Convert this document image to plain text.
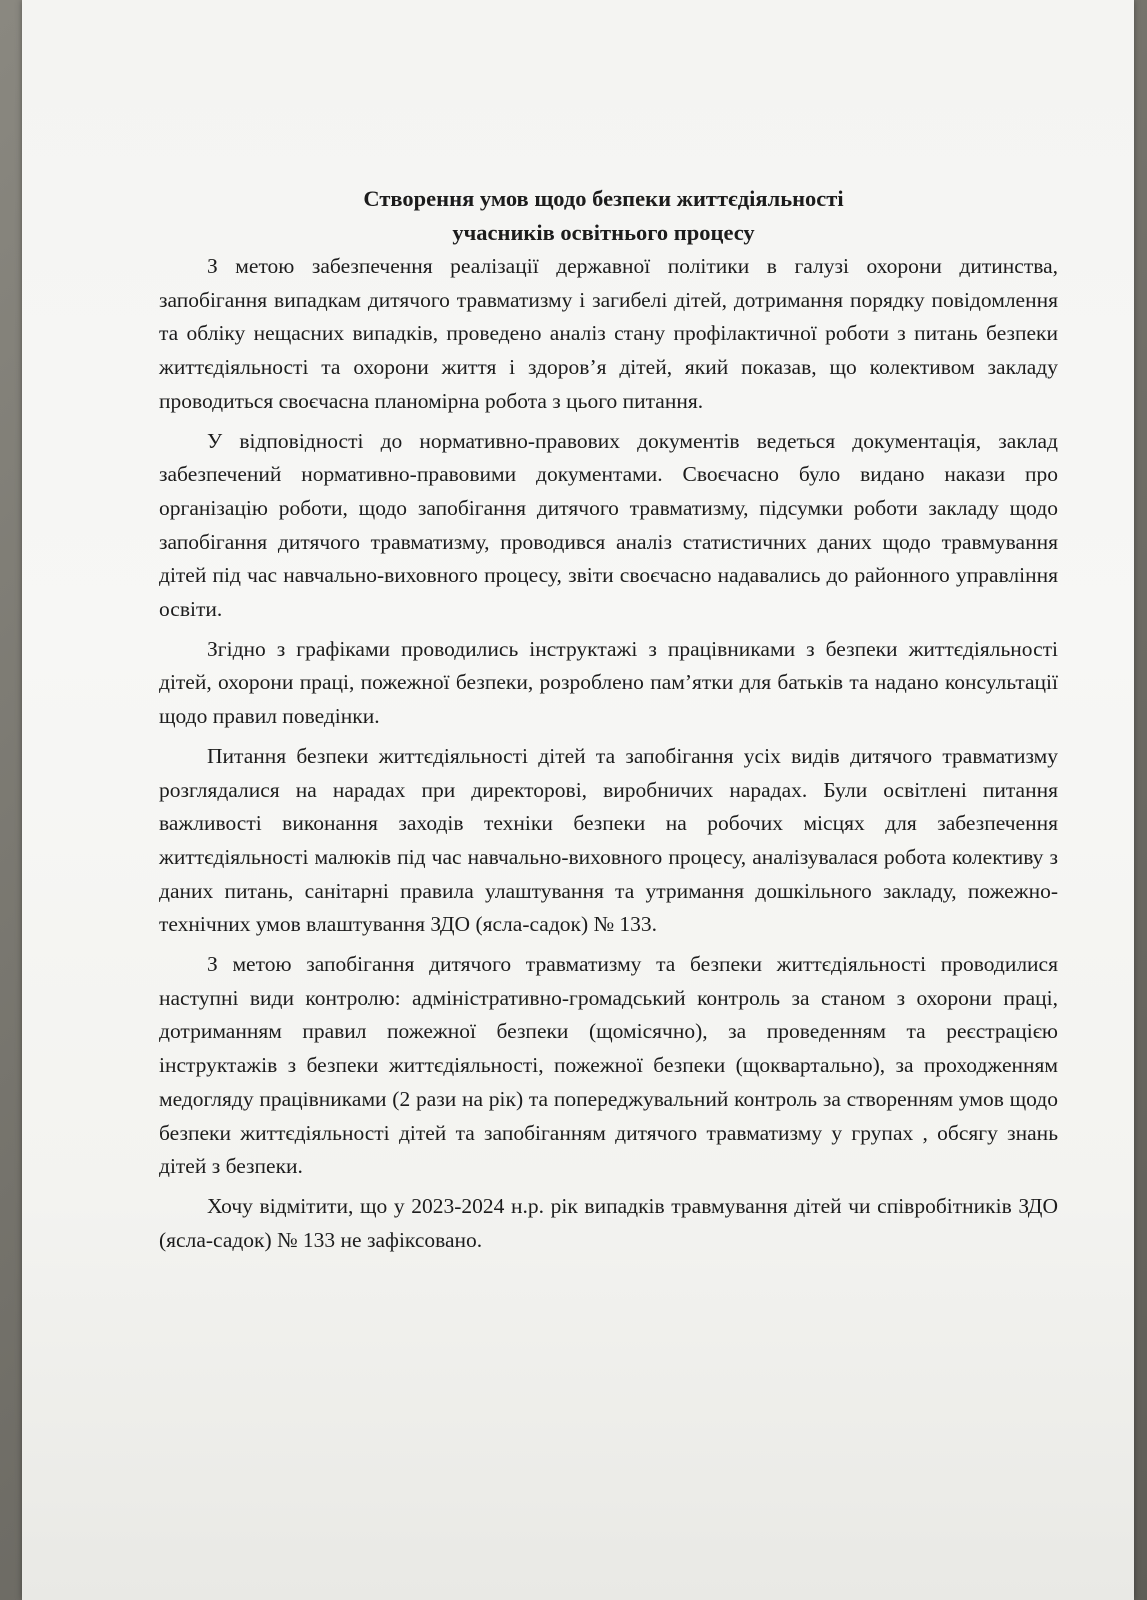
Створення умов щодо безпеки життєдіяльності
учасників освітнього процесу

З метою забезпечення реалізації державної політики в галузі охорони дитинства, запобігання випадкам дитячого травматизму і загибелі дітей, дотримання порядку повідомлення та обліку нещасних випадків, проведено аналіз стану профілактичної роботи з питань безпеки життєдіяльності та охорони життя і здоров’я дітей, який показав, що колективом закладу проводиться своєчасна планомірна робота з цього питання.

У відповідності до нормативно-правових документів ведеться документація, заклад забезпечений нормативно-правовими документами. Своєчасно було видано накази про організацію роботи, щодо запобігання дитячого травматизму, підсумки роботи закладу щодо запобігання дитячого травматизму, проводився аналіз статистичних даних щодо травмування дітей під час навчально-виховного процесу, звіти своєчасно надавались до районного управління освіти.

Згідно з графіками проводились інструктажі з працівниками з безпеки життєдіяльності дітей, охорони праці, пожежної безпеки, розроблено пам’ятки для батьків та надано консультації щодо правил поведінки.

Питання безпеки життєдіяльності дітей та запобігання усіх видів дитячого травматизму розглядалися на нарадах при директорові, виробничих нарадах. Були освітлені питання важливості виконання заходів техніки безпеки на робочих місцях для забезпечення життєдіяльності малюків під час навчально-виховного процесу, аналізувалася робота колективу з даних питань, санітарні правила улаштування та утримання дошкільного закладу, пожежно-технічних умов влаштування ЗДО (ясла-садок) № 133.

З метою запобігання дитячого травматизму та безпеки життєдіяльності проводилися наступні види контролю: адміністративно-громадський контроль за станом з охорони праці, дотриманням правил пожежної безпеки (щомісячно), за проведенням та реєстрацією інструктажів з безпеки життєдіяльності, пожежної безпеки (щоквартально), за проходженням медогляду працівниками (2 рази на рік) та попереджувальний контроль за створенням умов щодо безпеки життєдіяльності дітей та запобіганням дитячого травматизму у групах , обсягу знань дітей з безпеки.

Хочу відмітити, що у 2023-2024 н.р. рік випадків травмування дітей чи співробітників ЗДО (ясла-садок) № 133 не зафіксовано.
